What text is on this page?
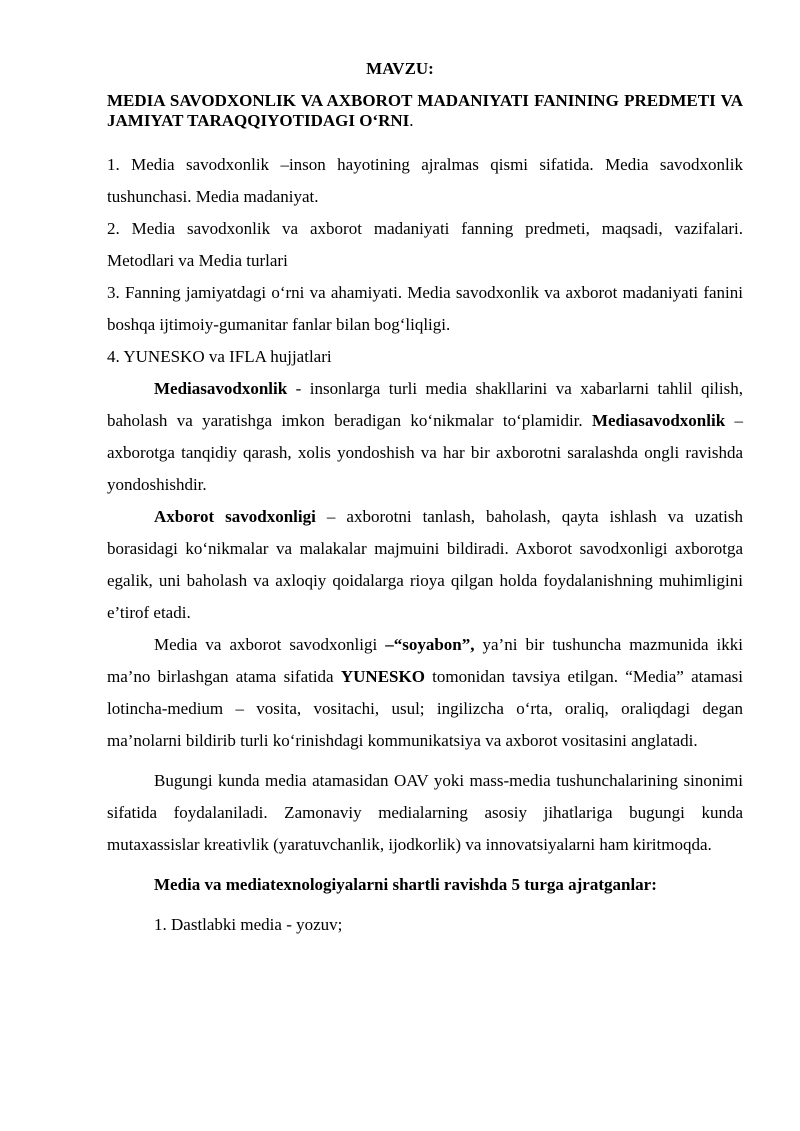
MAVZU:
MEDIA SAVODXONLIK VA AXBOROT MADANIYATI FANINING PREDMETI VA JAMIYAT TARAQQIYOTIDAGI O‘RNI.

1. Media savodxonlik –inson hayotining ajralmas qismi sifatida. Media savodxonlik tushunchasi. Media madaniyat.

2. Media savodxonlik va axborot madaniyati fanning predmeti, maqsadi, vazifalari. Metodlari va Media turlari

3. Fanning jamiyatdagi o‘rni va ahamiyati. Media savodxonlik va axborot madaniyati fanini boshqa ijtimoiy-gumanitar fanlar bilan bog‘liqligi.

4. YUNESKO va IFLA hujjatlari

Mediasavodxonlik - insonlarga turli media shakllarini va xabarlarni tahlil qilish, baholash va yaratishga imkon beradigan ko‘nikmalar to‘plamidir. Mediasavodxonlik – axborotga tanqidiy qarash, xolis yondoshish va har bir axborotni saralashda ongli ravishda yondoshishdir.

Axborot savodxonligi – axborotni tanlash, baholash, qayta ishlash va uzatish borasidagi ko‘nikmalar va malakalar majmuini bildiradi. Axborot savodxonligi axborotga egalik, uni baholash va axloqiy qoidalarga rioya qilgan holda foydalanishning muhimligini e’tirof etadi.

Media va axborot savodxonligi –“soyabon”, ya’ni bir tushuncha mazmunida ikki ma’no birlashgan atama sifatida YUNESKO tomonidan tavsiya etilgan. “Media” atamasi lotincha-medium – vosita, vositachi, usul; ingilizcha o‘rta, oraliq, oraliqdagi degan ma’nolarni bildirib turli ko‘rinishdagi kommunikatsiya va axborot vositasini anglatadi.

Bugungi kunda media atamasidan OAV yoki mass-media tushunchalarining sinonimi sifatida foydalaniladi. Zamonaviy medialarning asosiy jihatlariga bugungi kunda mutaxassislar kreativlik (yaratuvchanlik, ijodkorlik) va innovatsiyalarni ham kiritmoqda.

Media va mediatexnologiyalarni shartli ravishda 5 turga ajratganlar:

1. Dastlabki media - yozuv;
